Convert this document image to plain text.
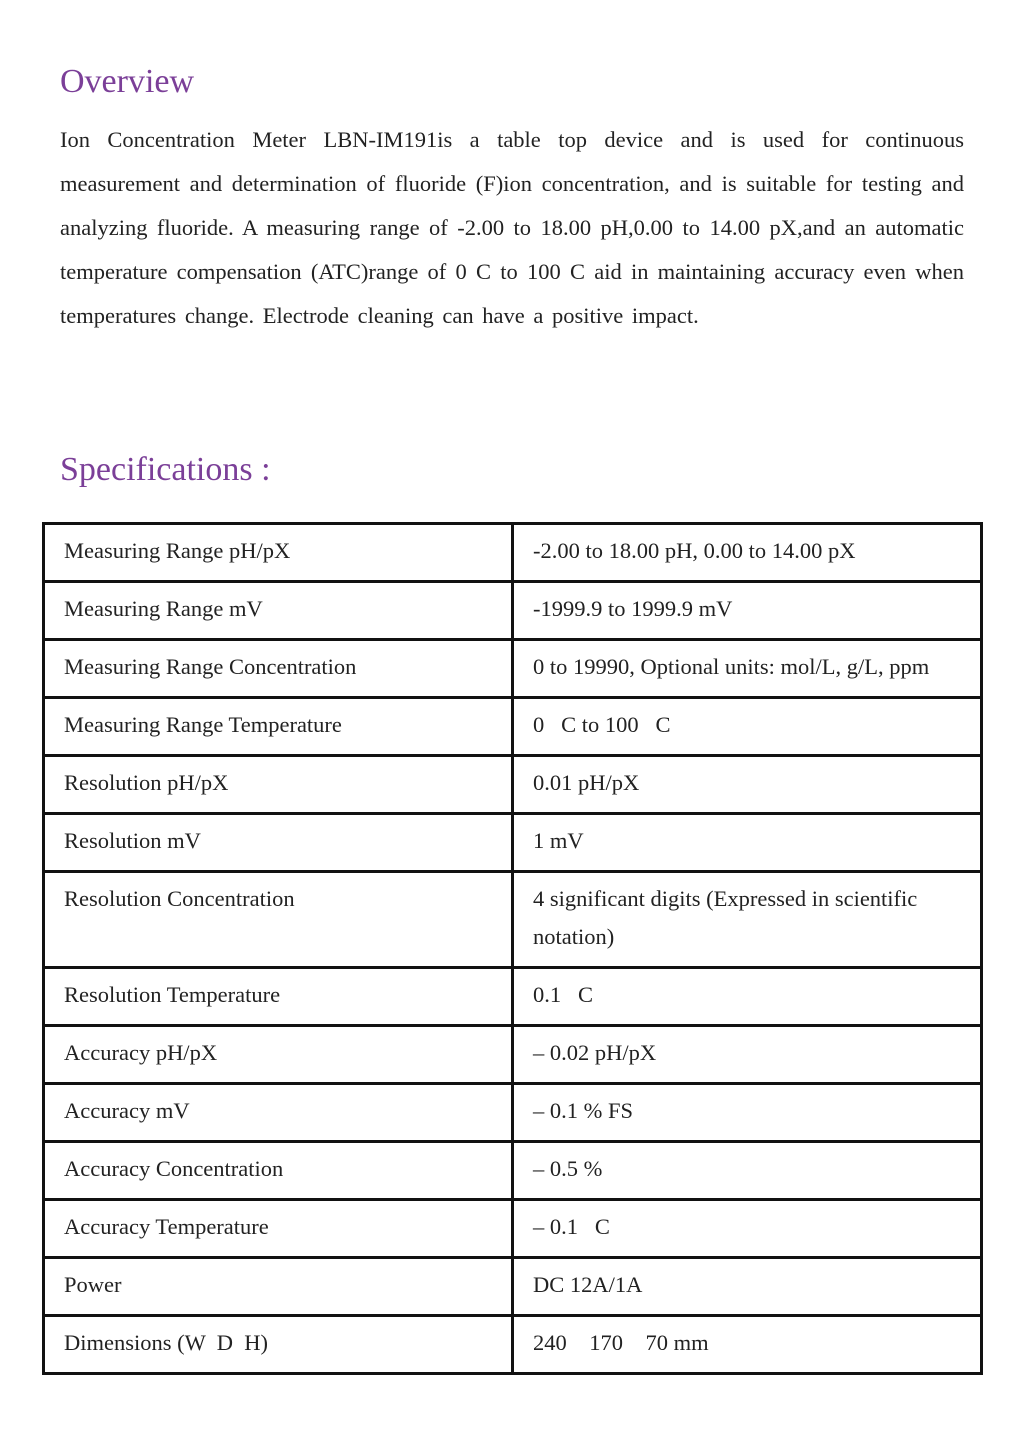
Overview

Ion Concentration Meter LBN-IM191is a table top device and is used for continuous measurement and determination of fluoride (F)ion concentration, and is suitable for testing and analyzing fluoride. A measuring range of -2.00 to 18.00 pH,0.00 to 14.00 pX,and an automatic temperature compensation (ATC)range of 0 C to 100 C aid in maintaining accuracy even when temperatures change. Electrode cleaning can have a positive impact.

Specifications :
Measuring Range pH/pX	-2.00 to 18.00 pH, 0.00 to 14.00 pX
Measuring Range mV	-1999.9 to 1999.9 mV
Measuring Range Concentration	0 to 19990, Optional units: mol/L, g/L, ppm
Measuring Range Temperature	0   C to 100   C
Resolution pH/pX	0.01 pH/pX
Resolution mV	1 mV
Resolution Concentration	4 significant digits (Expressed in scientific notation)
Resolution Temperature	0.1   C
Accuracy pH/pX	– 0.02 pH/pX
Accuracy mV	– 0.1 % FS
Accuracy Concentration	– 0.5 %
Accuracy Temperature	– 0.1   C
Power	DC 12A/1A
Dimensions (W  D  H)	240    170    70 mm
